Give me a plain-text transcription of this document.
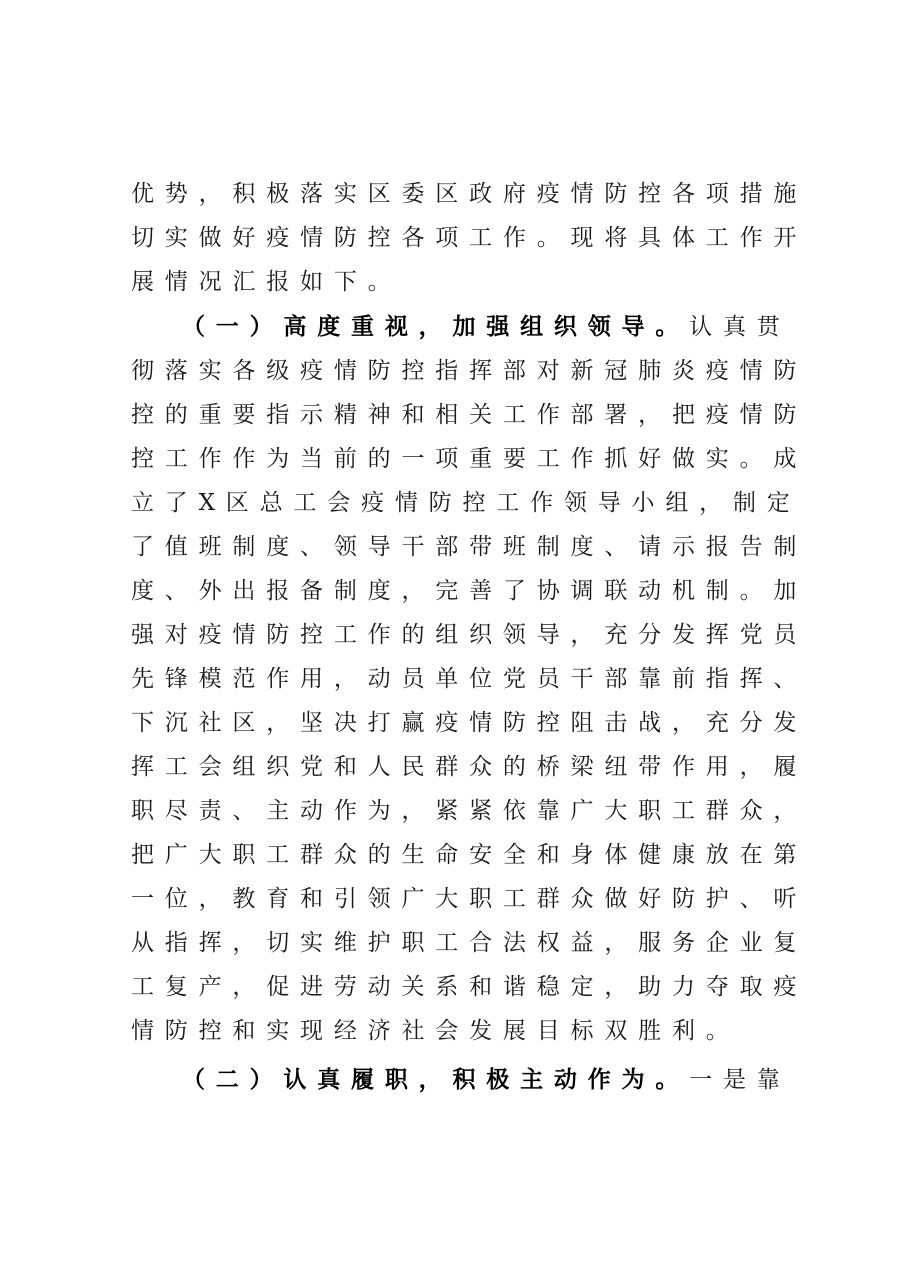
优势，积极落实区委区政府疫情防控各项措施
切实做好疫情防控各项工作。现将具体工作开
展情况汇报如下。
（一）高度重视，加强组织领导。认真贯
彻落实各级疫情防控指挥部对新冠肺炎疫情防
控的重要指示精神和相关工作部署，把疫情防
控工作作为当前的一项重要工作抓好做实。成
立了X区总工会疫情防控工作领导小组，制定
了值班制度、领导干部带班制度、请示报告制
度、外出报备制度，完善了协调联动机制。加
强对疫情防控工作的组织领导，充分发挥党员
先锋模范作用，动员单位党员干部靠前指挥、
下沉社区，坚决打赢疫情防控阻击战，充分发
挥工会组织党和人民群众的桥梁纽带作用，履
职尽责、主动作为，紧紧依靠广大职工群众，
把广大职工群众的生命安全和身体健康放在第
一位，教育和引领广大职工群众做好防护、听
从指挥，切实维护职工合法权益，服务企业复
工复产，促进劳动关系和谐稳定，助力夺取疫
情防控和实现经济社会发展目标双胜利。
（二）认真履职，积极主动作为。一是靠
